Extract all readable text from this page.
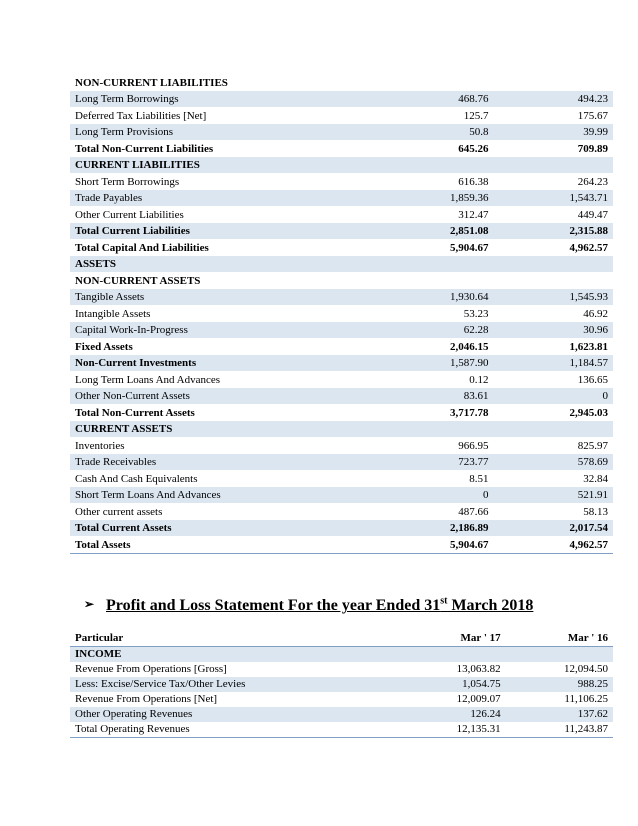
NON-CURRENT LIABILITIES		
Long Term Borrowings	468.76	494.23
Deferred Tax Liabilities [Net]	125.7	175.67
Long Term Provisions	50.8	39.99
Total Non-Current Liabilities	645.26	709.89
CURRENT LIABILITIES		
Short Term Borrowings	616.38	264.23
Trade Payables	1,859.36	1,543.71
Other Current Liabilities	312.47	449.47
Total Current Liabilities	2,851.08	2,315.88
Total Capital And Liabilities	5,904.67	4,962.57
ASSETS		
NON-CURRENT ASSETS		
Tangible Assets	1,930.64	1,545.93
Intangible Assets	53.23	46.92
Capital Work-In-Progress	62.28	30.96
Fixed Assets	2,046.15	1,623.81
Non-Current Investments	1,587.90	1,184.57
Long Term Loans And Advances	0.12	136.65
Other Non-Current Assets	83.61	0
Total Non-Current Assets	3,717.78	2,945.03
CURRENT ASSETS		
Inventories	966.95	825.97
Trade Receivables	723.77	578.69
Cash And Cash Equivalents	8.51	32.84
Short Term Loans And Advances	0	521.91
Other current assets	487.66	58.13
Total Current Assets	2,186.89	2,017.54
Total Assets	5,904.67	4,962.57
➢ Profit and Loss Statement For the year Ended 31st March 2018
Particular	Mar ' 17	Mar ' 16
INCOME		
Revenue From Operations [Gross]	13,063.82	12,094.50
Less: Excise/Service Tax/Other Levies	1,054.75	988.25
Revenue From Operations [Net]	12,009.07	11,106.25
Other Operating Revenues	126.24	137.62
Total Operating Revenues	12,135.31	11,243.87
